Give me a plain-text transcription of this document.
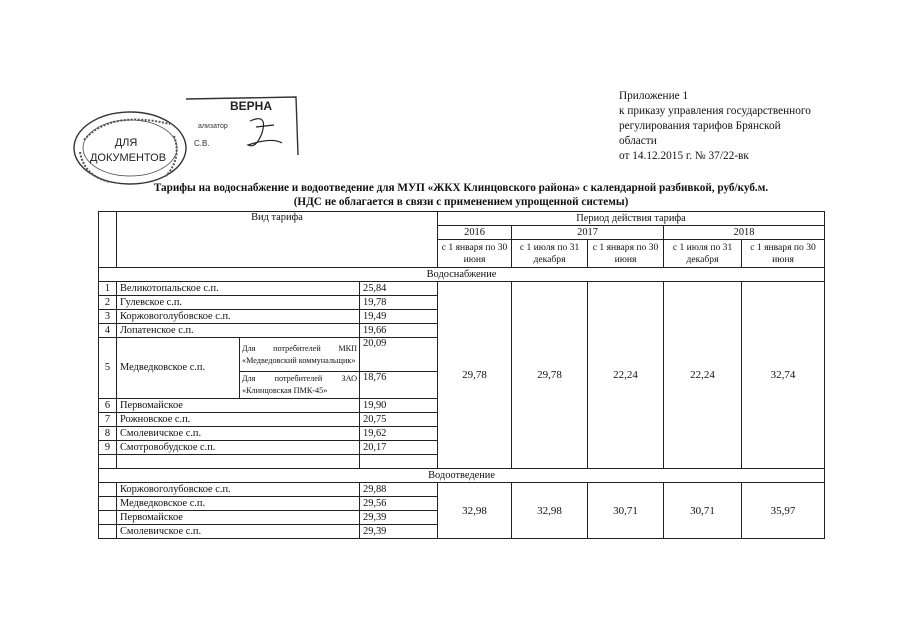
Приложение 1
к приказу управления государственного
регулирования тарифов Брянской
области
от 14.12.2015 г. № 37/22-вк
ДЛЯ
ДОКУМЕНТОВ
ВЕРНА
ализатор
С.В.
Тарифы на водоснабжение и водоотведение для МУП «ЖКХ Клинцовского района» с календарной разбивкой, руб/куб.м.
(НДС не облагается в связи с применением упрощенной системы)
	Вид тарифа			Период действия тарифа				
				2016	2017		2018	
				с 1 января по 30 июня	с 1 июля по 31 декабря	с 1 января по 30 июня	с 1 июля по 31 декабря	с 1 января по 30 июня
Водоснабжение								
1	Великотопальское с.п.		25,84	29,78	29,78	22,24	22,24	32,74
2	Гулевское с.п.		19,78					
3	Коржовоголубовское с.п.		19,49					
4	Лопатенское с.п.		19,66					
5	Медведковское с.п.	Для потребителей МКП «Медведовский коммунальщик»	20,09					
		Для потребителей ЗАО «Клинцовская ПМК-45»	18,76					
6	Первомайское		19,90					
7	Рожновское с.п.		20,75					
8	Смолевичское с.п.		19,62					
9	Смотровобудское с.п.		20,17					

Водоотведение								
	Коржовоголубовское с.п.		29,88	32,98	32,98	30,71	30,71	35,97
	Медведковское с.п.		29,56					
	Первомайское		29,39					
	Смолевичское с.п.		29,39					
